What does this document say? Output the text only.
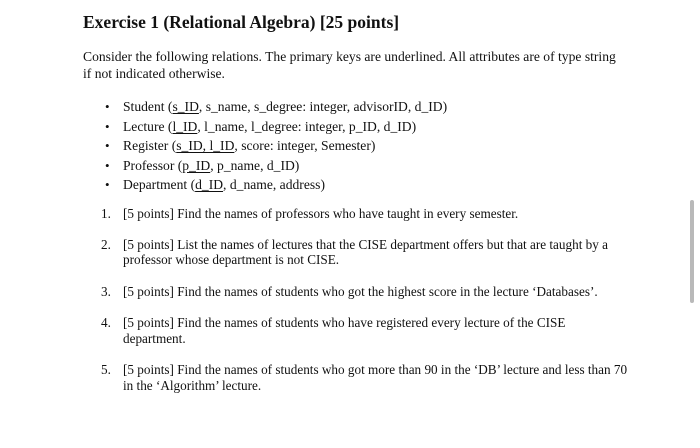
Exercise 1 (Relational Algebra) [25 points]

Consider the following relations. The primary keys are underlined. All attributes are of type string if not indicated otherwise.

• Student (s_ID, s_name, s_degree: integer, advisorID, d_ID)
• Lecture (l_ID, l_name, l_degree: integer, p_ID, d_ID)
• Register (s_ID, l_ID, score: integer, Semester)
• Professor (p_ID, p_name, d_ID)
• Department (d_ID, d_name, address)
1. [5 points] Find the names of professors who have taught in every semester.
2. [5 points] List the names of lectures that the CISE department offers but that are taught by a professor whose department is not CISE.
3. [5 points] Find the names of students who got the highest score in the lecture ‘Databases’.
4. [5 points] Find the names of students who have registered every lecture of the CISE department.
5. [5 points] Find the names of students who got more than 90 in the ‘DB’ lecture and less than 70 in the ‘Algorithm’ lecture.
